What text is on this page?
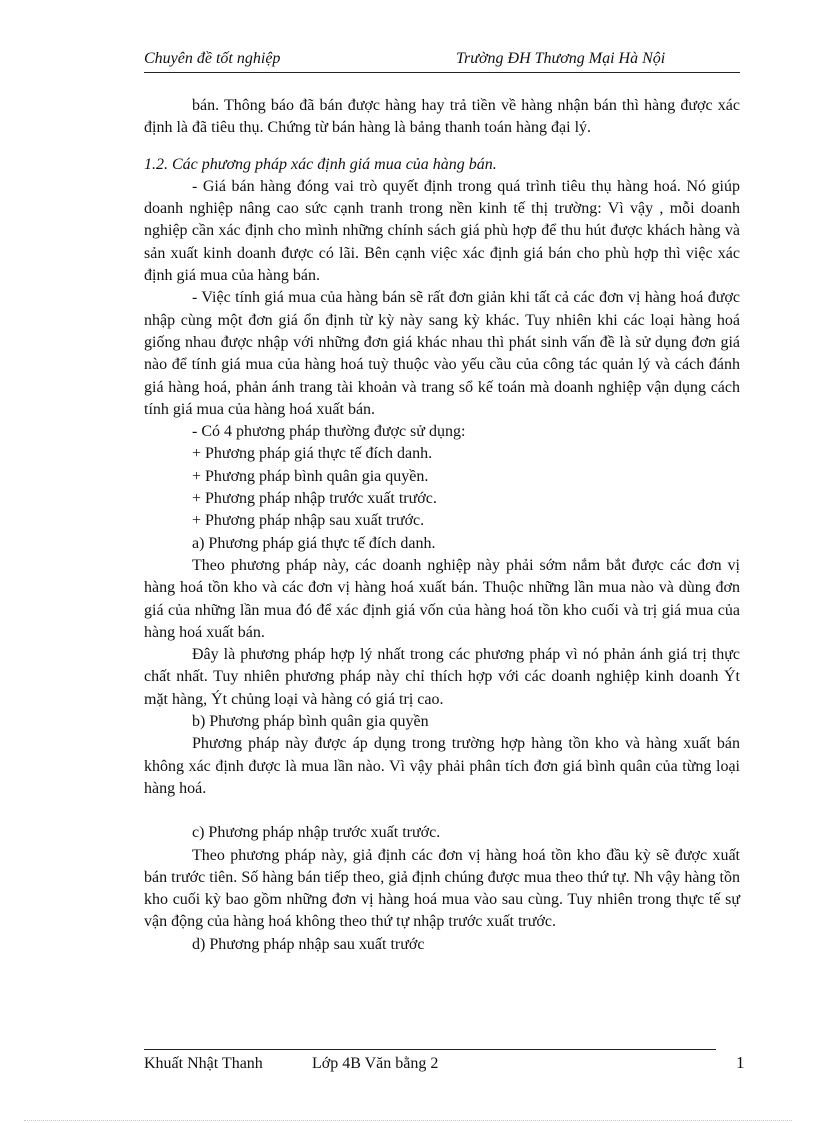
Chuyên đề tốt nghiệp	Trường ĐH Thương Mại Hà Nội

bán. Thông báo đã bán được hàng hay trả tiền về hàng nhận bán thì hàng được xác định là đã tiêu thụ. Chứng từ bán hàng là bảng thanh toán hàng đại lý.

1.2. Các phương pháp xác định giá mua của hàng bán.

- Giá bán hàng đóng vai trò quyết định trong quá trình tiêu thụ hàng hoá. Nó giúp doanh nghiệp nâng cao sức cạnh tranh trong nền kinh tế thị trường: Vì vậy , mỗi doanh nghiệp cần xác định cho mình những chính sách giá phù hợp để thu hút được khách hàng và sản xuất kinh doanh được có lãi. Bên cạnh việc xác định giá bán cho phù hợp thì việc xác định giá mua của hàng bán.

- Việc tính giá mua của hàng bán sẽ rất đơn giản khi tất cả các đơn vị hàng hoá được nhập cùng một đơn giá ổn định từ kỳ này sang kỳ khác. Tuy nhiên khi các loại hàng hoá giống nhau được nhập với những đơn giá khác nhau thì phát sinh vấn đề là sử dụng đơn giá nào để tính giá mua của hàng hoá tuỳ thuộc vào yếu cầu của công tác quản lý và cách đánh giá hàng hoá, phản ánh trang tài khoản và trang sổ kế toán mà doanh nghiệp vận dụng cách tính giá mua của hàng hoá xuất bán.

- Có 4 phương pháp thường được sử dụng:

+ Phương pháp giá thực tế đích danh.

+ Phương pháp bình quân gia quyền.

+ Phương pháp nhập trước xuất trước.

+ Phương pháp nhập sau xuất trước.

a) Phương pháp giá thực tế đích danh.

Theo phương pháp này, các doanh nghiệp này phải sớm nắm bắt được các đơn vị hàng hoá tồn kho và các đơn vị hàng hoá xuất bán. Thuộc những lần mua nào và dùng đơn giá của những lần mua đó để xác định giá vốn của hàng hoá tồn kho cuối và trị giá mua của hàng hoá xuất bán.

Đây là phương pháp hợp lý nhất trong các phương pháp vì nó phản ánh giá trị thực chất nhất. Tuy nhiên phương pháp này chỉ thích hợp với các doanh nghiệp kinh doanh Ýt mặt hàng, Ýt chủng loại và hàng có giá trị cao.

b) Phương pháp bình quân gia quyền

Phương pháp này được áp dụng trong trường hợp hàng tồn kho và hàng xuất bán không xác định được là mua lần nào. Vì vậy phải phân tích đơn giá bình quân của từng loại hàng hoá.

c) Phương pháp nhập trước xuất trước.

Theo phương pháp này, giả định các đơn vị hàng hoá tồn kho đầu kỳ sẽ được xuất bán trước tiên. Số hàng bán tiếp theo, giả định chúng được mua theo thứ tự. Nh vậy hàng tồn kho cuối kỳ bao gồm những đơn vị hàng hoá mua vào sau cùng. Tuy nhiên trong thực tế sự vận động của hàng hoá không theo thứ tự nhập trước xuất trước.

d) Phương pháp nhập sau xuất trước

Khuất Nhật Thanh	Lớp 4B Văn bằng 2	1
